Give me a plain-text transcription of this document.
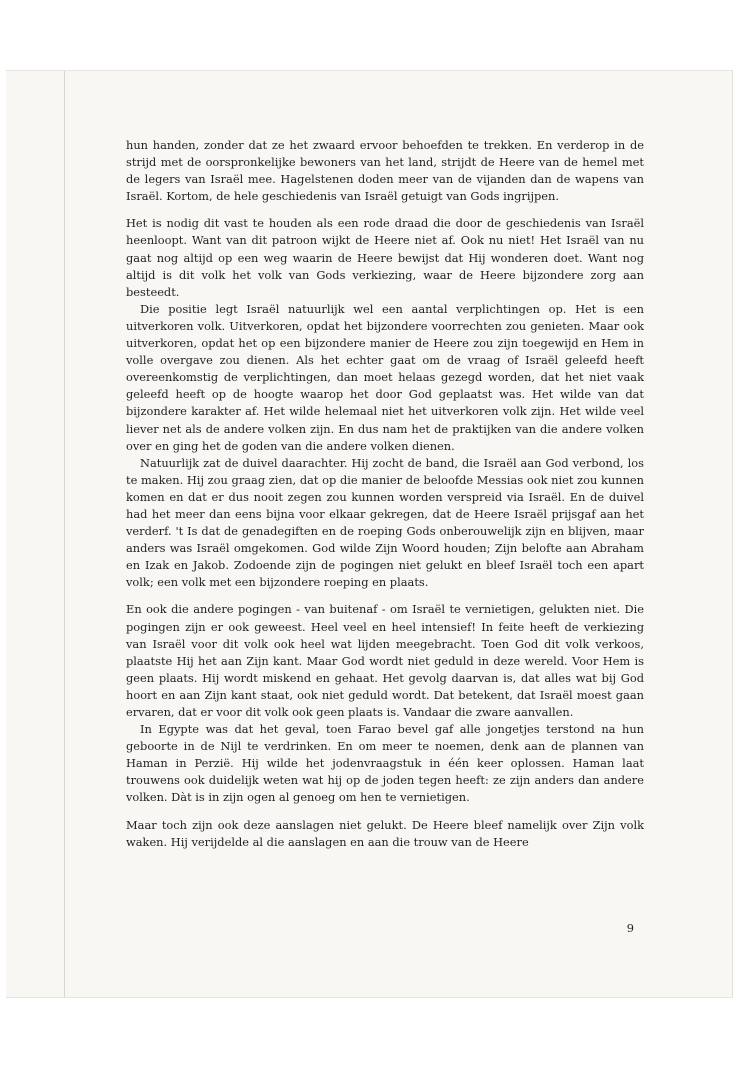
hun handen, zonder dat ze het zwaard ervoor behoefden te trekken. En verderop in de strijd met de oorspronkelijke bewoners van het land, strijdt de Heere van de hemel met de legers van Israël mee. Hagelstenen doden meer van de vijanden dan de wapens van Israël. Kortom, de hele geschiedenis van Israël getuigt van Gods ingrijpen.

Het is nodig dit vast te houden als een rode draad die door de geschiedenis van Israël heenloopt. Want van dit patroon wijkt de Heere niet af. Ook nu niet! Het Israël van nu gaat nog altijd op een weg waarin de Heere bewijst dat Hij wonderen doet. Want nog altijd is dit volk het volk van Gods verkiezing, waar de Heere bijzondere zorg aan besteedt.

Die positie legt Israël natuurlijk wel een aantal verplichtingen op. Het is een uitverkoren volk. Uitverkoren, opdat het bijzondere voorrechten zou genieten. Maar ook uitverkoren, opdat het op een bijzondere manier de Heere zou zijn toegewijd en Hem in volle overgave zou dienen. Als het echter gaat om de vraag of Israël geleefd heeft overeenkomstig de verplichtingen, dan moet helaas gezegd worden, dat het niet vaak geleefd heeft op de hoogte waarop het door God geplaatst was. Het wilde van dat bijzondere karakter af. Het wilde helemaal niet het uitverkoren volk zijn. Het wilde veel liever net als de andere volken zijn. En dus nam het de praktijken van die andere volken over en ging het de goden van die andere volken dienen.

Natuurlijk zat de duivel daarachter. Hij zocht de band, die Israël aan God verbond, los te maken. Hij zou graag zien, dat op die manier de beloofde Messias ook niet zou kunnen komen en dat er dus nooit zegen zou kunnen worden verspreid via Israël. En de duivel had het meer dan eens bijna voor elkaar gekregen, dat de Heere Israël prijsgaf aan het verderf. 't Is dat de genadegiften en de roeping Gods onberouwelijk zijn en blijven, maar anders was Israël omgekomen. God wilde Zijn Woord houden; Zijn belofte aan Abraham en Izak en Jakob. Zodoende zijn de pogingen niet gelukt en bleef Israël toch een apart volk; een volk met een bijzondere roeping en plaats.

En ook die andere pogingen - van buitenaf - om Israël te vernietigen, gelukten niet. Die pogingen zijn er ook geweest. Heel veel en heel intensief! In feite heeft de verkiezing van Israël voor dit volk ook heel wat lijden meegebracht. Toen God dit volk verkoos, plaatste Hij het aan Zijn kant. Maar God wordt niet geduld in deze wereld. Voor Hem is geen plaats. Hij wordt miskend en gehaat. Het gevolg daarvan is, dat alles wat bij God hoort en aan Zijn kant staat, ook niet geduld wordt. Dat betekent, dat Israël moest gaan ervaren, dat er voor dit volk ook geen plaats is. Vandaar die zware aanvallen.

In Egypte was dat het geval, toen Farao bevel gaf alle jongetjes terstond na hun geboorte in de Nijl te verdrinken. En om meer te noemen, denk aan de plannen van Haman in Perzië. Hij wilde het jodenvraagstuk in één keer oplossen. Haman laat trouwens ook duidelijk weten wat hij op de joden tegen heeft: ze zijn anders dan andere volken. Dàt is in zijn ogen al genoeg om hen te vernietigen.

Maar toch zijn ook deze aanslagen niet gelukt. De Heere bleef namelijk over Zijn volk waken. Hij verijdelde al die aanslagen en aan die trouw van de Heere

9
